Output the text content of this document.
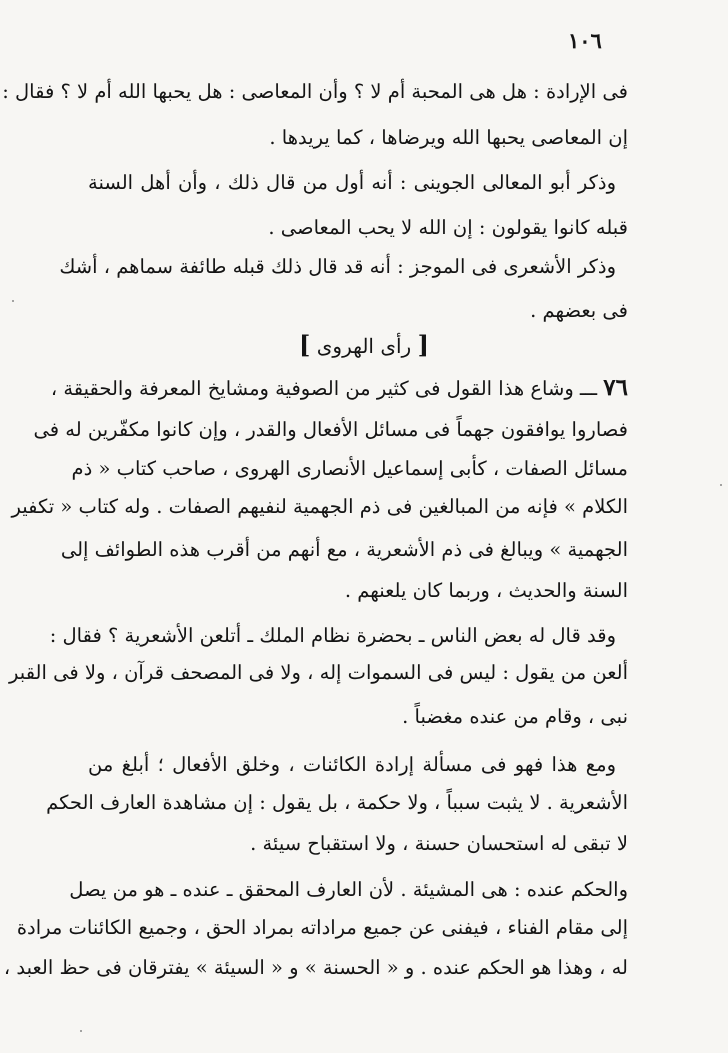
١٠٦
فى الإرادة : هل هى المحبة أم لا ؟ وأن المعاصى : هل يحبها الله أم لا ؟ فقال :
إن المعاصى يحبها الله ويرضاها ، كما يريدها .
وذكر أبو المعالى الجوينى : أنه أول من قال ذلك ، وأن أهل السنة
قبله كانوا يقولون : إن الله لا يحب المعاصى .
وذكر الأشعرى فى الموجز : أنه قد قال ذلك قبله طائفة سماهم ، أشك
فى بعضهم .
[ رأى الهروى ]
٧٦ ـــ وشاع هذا القول فى كثير من الصوفية ومشايخ المعرفة والحقيقة ،
فصاروا يوافقون جهماً فى مسائل الأفعال والقدر ، وإن كانوا مكفّرين له فى
مسائل الصفات ، كأبى إسماعيل الأنصارى الهروى ، صاحب كتاب « ذم
الكلام » فإنه من المبالغين فى ذم الجهمية لنفيهم الصفات . وله كتاب « تكفير
الجهمية » ويبالغ فى ذم الأشعرية ، مع أنهم من أقرب هذه الطوائف إلى
السنة والحديث ، وربما كان يلعنهم .
وقد قال له بعض الناس ـ بحضرة نظام الملك ـ أتلعن الأشعرية ؟ فقال :
ألعن من يقول : ليس فى السموات إله ، ولا فى المصحف قرآن ، ولا فى القبر
نبى ، وقام من عنده مغضباً .
ومع هذا فهو فى مسألة إرادة الكائنات ، وخلق الأفعال ؛ أبلغ من
الأشعرية . لا يثبت سبباً ، ولا حكمة ، بل يقول : إن مشاهدة العارف الحكم
لا تبقى له استحسان حسنة ، ولا استقباح سيئة .
والحكم عنده : هى المشيئة . لأن العارف المحقق ـ عنده ـ هو من يصل
إلى مقام الفناء ، فيفنى عن جميع مراداته بمراد الحق ، وجميع الكائنات مرادة
له ، وهذا هو الحكم عنده . و « الحسنة » و « السيئة » يفترقان فى حظ العبد ،
